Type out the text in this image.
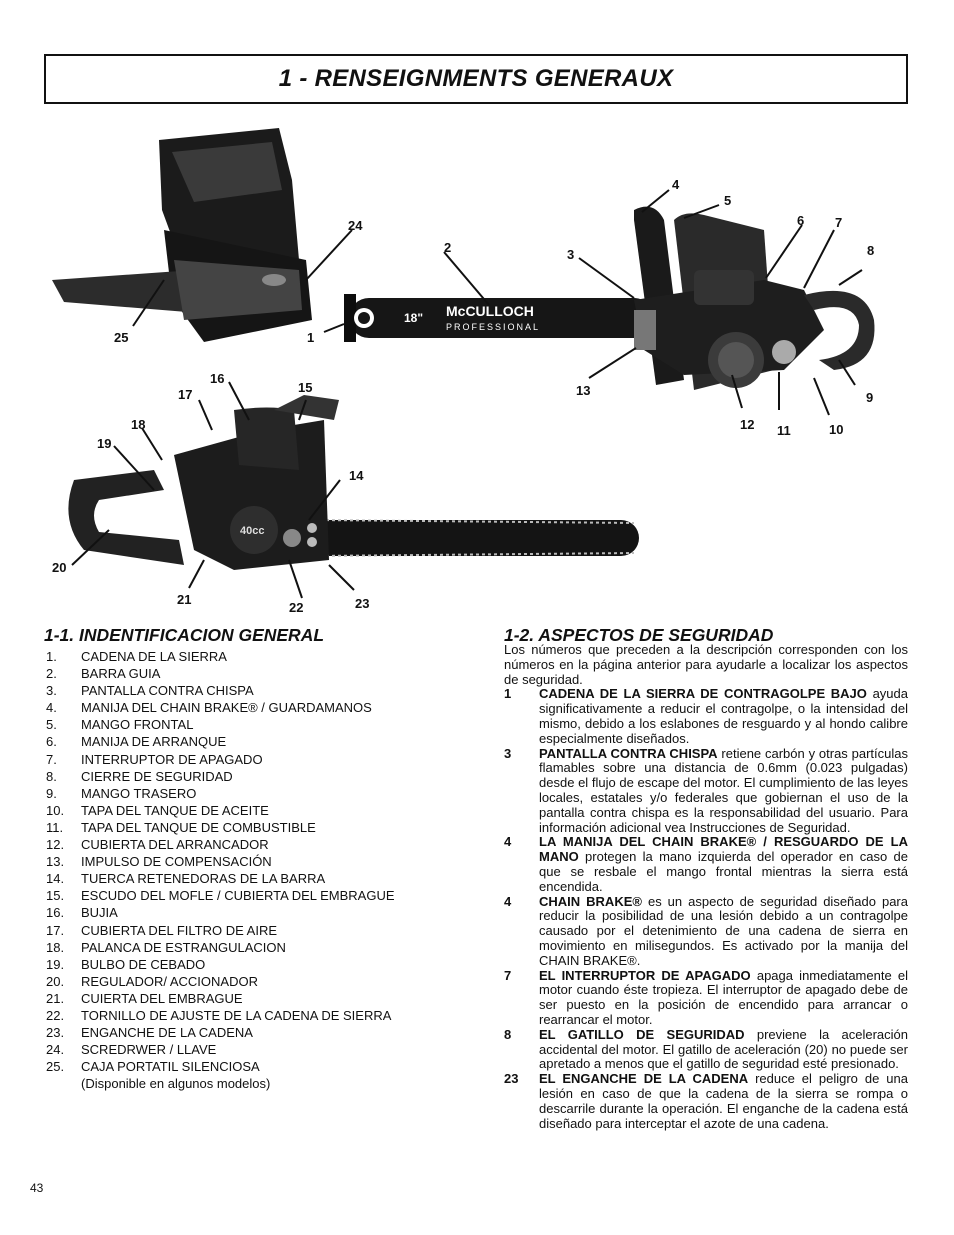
1 - RENSEIGNMENTS GENERAUX
40cc
18" McCULLOCH
PROFESSIONAL
1
2	3
4
5
6 7
8
9
10
11
12
13
14
15
16
17
18
19
20
21
22	23
24
25
1-1. INDENTIFICACION GENERAL
1. CADENA DE LA SIERRA
2. BARRA GUIA
3. PANTALLA CONTRA CHISPA
4. MANIJA DEL CHAIN BRAKE® / GUARDAMANOS
5. MANGO FRONTAL
6. MANIJA DE ARRANQUE
7. INTERRUPTOR DE APAGADO
8. CIERRE DE SEGURIDAD
9. MANGO TRASERO
10. TAPA DEL TANQUE DE ACEITE
11. TAPA DEL TANQUE DE COMBUSTIBLE
12. CUBIERTA DEL ARRANCADOR
13. IMPULSO DE COMPENSACIÓN
14. TUERCA RETENEDORAS DE LA BARRA
15. ESCUDO DEL MOFLE / CUBIERTA DEL EMBRAGUE
16. BUJIA
17. CUBIERTA DEL FILTRO DE AIRE
18. PALANCA DE ESTRANGULACION
19. BULBO DE CEBADO
20. REGULADOR/ ACCIONADOR
21. CUIERTA DEL EMBRAGUE
22. TORNILLO DE AJUSTE DE LA CADENA DE SIERRA
23. ENGANCHE DE LA CADENA
24. SCREDRWER / LLAVE
25. CAJA PORTATIL SILENCIOSA
(Disponible en algunos modelos)
1-2. ASPECTOS DE SEGURIDAD

Los números que preceden a la descripción corresponden con los números en la página anterior para ayudarle a localizar los aspectos de seguridad.

1 CADENA DE LA SIERRA DE CONTRAGOLPE BAJO ayuda significativamente a reducir el contragolpe, o la intensidad del mismo, debido a los eslabones de resguardo y al hondo calibre especialmente diseñados.
3 PANTALLA CONTRA CHISPA retiene carbón y otras partículas flamables sobre una distancia de 0.6mm (0.023 pulgadas) desde el flujo de escape del motor. El cumplimiento de las leyes locales, estatales y/o federales que gobiernan el uso de la pantalla contra chispa es la responsabilidad del usuario. Para información adicional vea Instrucciones de Seguridad.
4 LA MANIJA DEL CHAIN BRAKE® / RESGUARDO DE LA MANO protegen la mano izquierda del operador en caso de que se resbale el mango frontal mientras la sierra está encendida.
4 CHAIN BRAKE® es un aspecto de seguridad diseñado para reducir la posibilidad de una lesión debido a un contragolpe causado por el detenimiento de una cadena de sierra en movimiento en milisegundos. Es activado por la manija del CHAIN BRAKE®.
7 EL INTERRUPTOR DE APAGADO apaga inmediatamente el motor cuando éste tropieza. El interruptor de apagado debe de ser puesto en la posición de encendido para arrancar o rearrancar el motor.
8 EL GATILLO DE SEGURIDAD previene la aceleración accidental del motor. El gatillo de aceleración (20) no puede ser apretado a menos que el gatillo de seguridad esté presionado.
23 EL ENGANCHE DE LA CADENA reduce el peligro de una lesión en caso de que la cadena de la sierra se rompa o descarrile durante la operación. El enganche de la cadena está diseñado para interceptar el azote de una cadena.
43
